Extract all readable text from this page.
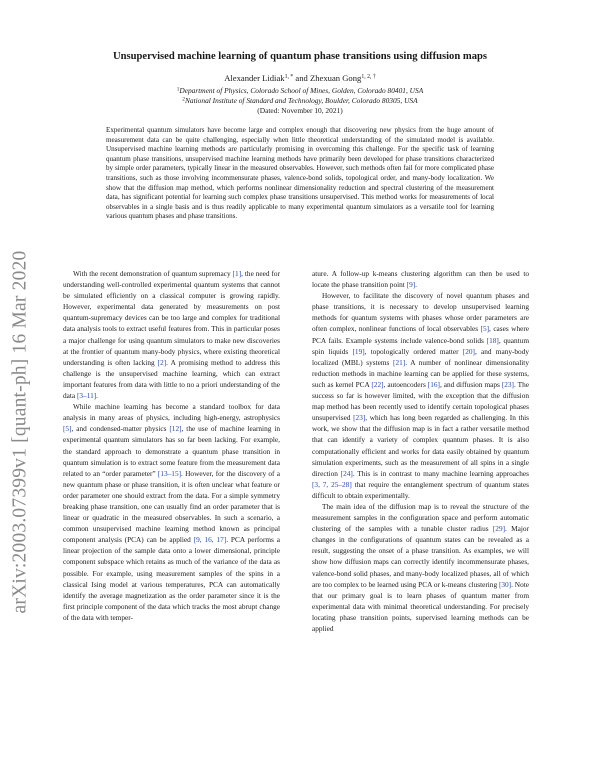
arXiv:2003.07399v1 [quant-ph] 16 Mar 2020
Unsupervised machine learning of quantum phase transitions using diffusion maps
Alexander Lidiak$^{1, *}$ and Zhexuan Gong$^{1, 2, \dagger}$
$^1$Department of Physics, Colorado School of Mines, Golden, Colorado 80401, USA
$^2$National Institute of Standard and Technology, Boulder, Colorado 80305, USA
(Dated: November 10, 2021)

Experimental quantum simulators have become large and complex enough that discovering new physics from the huge amount of measurement data can be quite challenging, especially when little theoretical understanding of the simulated model is available. Unsupervised machine learning methods are particularly promising in overcoming this challenge. For the specific task of learning quantum phase transitions, unsupervised machine learning methods have primarily been developed for phase transitions characterized by simple order parameters, typically linear in the measured observables. However, such methods often fail for more complicated phase transitions, such as those involving incommensurate phases, valence-bond solids, topological order, and many-body localization. We show that the diffusion map method, which performs nonlinear dimensionality reduction and spectral clustering of the measurement data, has significant potential for learning such complex phase transitions unsupervised. This method works for measurements of local observables in a single basis and is thus readily applicable to many experimental quantum simulators as a versatile tool for learning various quantum phases and phase transitions.

With the recent demonstration of quantum supremacy [1], the need for understanding well-controlled experimental quantum systems that cannot be simulated efficiently on a classical computer is growing rapidly. However, experimental data generated by measurements on post quantum-supremacy devices can be too large and complex for traditional data analysis tools to extract useful features from. This in particular poses a major challenge for using quantum simulators to make new discoveries at the frontier of quantum many-body physics, where existing theoretical understanding is often lacking [2]. A promising method to address this challenge is the unsupervised machine learning, which can extract important features from data with little to no a priori understanding of the data [3–11].

While machine learning has become a standard toolbox for data analysis in many areas of physics, including high-energy, astrophysics [5], and condensed-matter physics [12], the use of machine learning in experimental quantum simulators has so far been lacking. For example, the standard approach to demonstrate a quantum phase transition in quantum simulation is to extract some feature from the measurement data related to an “order parameter” [13–15]. However, for the discovery of a new quantum phase or phase transition, it is often unclear what feature or order parameter one should extract from the data. For a simple symmetry breaking phase transition, one can usually find an order parameter that is linear or quadratic in the measured observables. In such a scenario, a common unsupervised machine learning method known as principal component analysis (PCA) can be applied [9, 16, 17]. PCA performs a linear projection of the sample data onto a lower dimensional, principle component subspace which retains as much of the variance of the data as possible. For example, using measurement samples of the spins in a classical Ising model at various temperatures, PCA can automatically identify the average magnetization as the order parameter since it is the first principle component of the data which tracks the most abrupt change of the data with temper-

ature. A follow-up k-means clustering algorithm can then be used to locate the phase transition point [9].

However, to facilitate the discovery of novel quantum phases and phase transitions, it is necessary to develop unsupervised learning methods for quantum systems with phases whose order parameters are often complex, nonlinear functions of local observables [5], cases where PCA fails. Example systems include valence-bond solids [18], quantum spin liquids [19], topologically ordered matter [20], and many-body localized (MBL) systems [21]. A number of nonlinear dimensionality reduction methods in machine learning can be applied for these systems, such as kernel PCA [22], autoencoders [16], and diffusion maps [23]. The success so far is however limited, with the exception that the diffusion map method has been recently used to identify certain topological phases unsupervised [23], which has long been regarded as challenging. In this work, we show that the diffusion map is in fact a rather versatile method that can identify a variety of complex quantum phases. It is also computationally efficient and works for data easily obtained by quantum simulation experiments, such as the measurement of all spins in a single direction [24]. This is in contrast to many machine learning approaches [3, 7, 25–28] that require the entanglement spectrum of quantum states difficult to obtain experimentally.

The main idea of the diffusion map is to reveal the structure of the measurement samples in the configuration space and perform automatic clustering of the samples with a tunable cluster radius [29]. Major changes in the configurations of quantum states can be revealed as a result, suggesting the onset of a phase transition. As examples, we will show how diffusion maps can correctly identify incommensurate phases, valence-bond solid phases, and many-body localized phases, all of which are too complex to be learned using PCA or k-means clustering [30]. Note that our primary goal is to learn phases of quantum matter from experimental data with minimal theoretical understanding. For precisely locating phase transition points, supervised learning methods can be applied
